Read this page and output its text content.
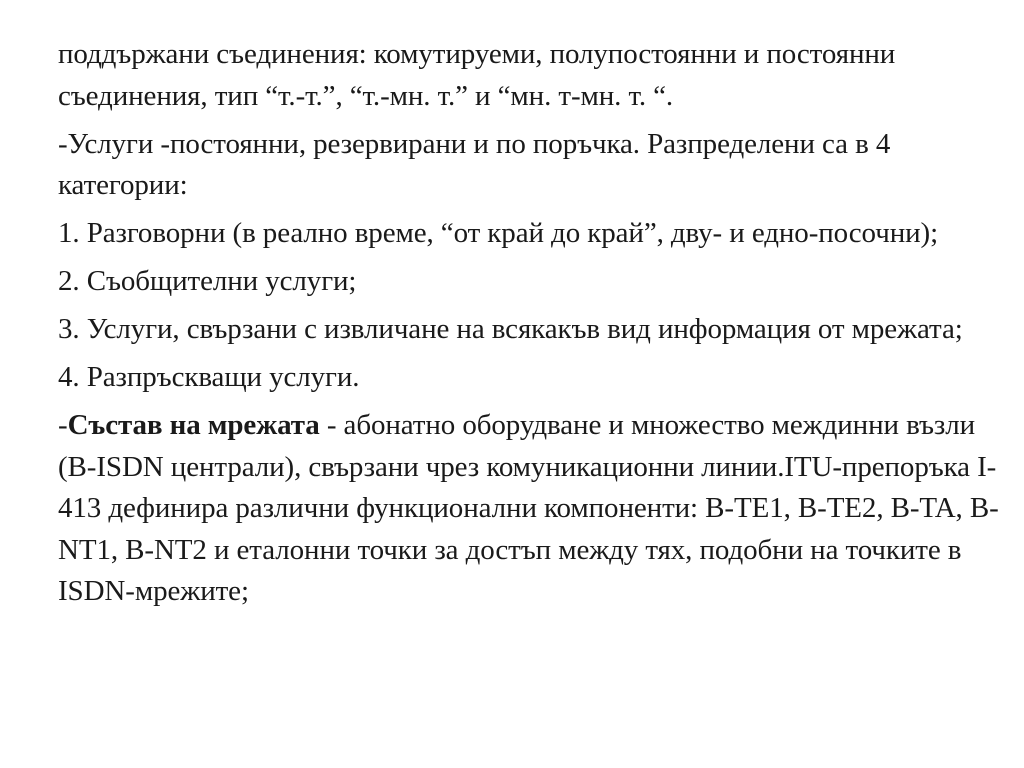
поддържани съединения: комутируеми, полупостоянни и постоянни съединения, тип “т.-т.”, “т.-мн. т.” и “мн. т-мн. т. “.

-Услуги -постоянни, резервирани и по поръчка. Разпределени са в 4 категории:

1. Разговорни (в реално време, “от край до край”, дву- и едно-посочни);

2. Съобщителни услуги;

3. Услуги, свързани с извличане на всякакъв вид информация от мрежата;

4. Разпръскващи услуги.

-Състав на мрежата - абонатно оборудване и множество междинни възли (B-ISDN централи), свързани чрез комуникационни линии.ITU-препоръка I-413 дефинира различни функционални компоненти: B-TE1, B-TE2, B-TA, B-NT1, B-NT2 и еталонни точки за достъп между тях, подобни на точките в ISDN-мрежите;
